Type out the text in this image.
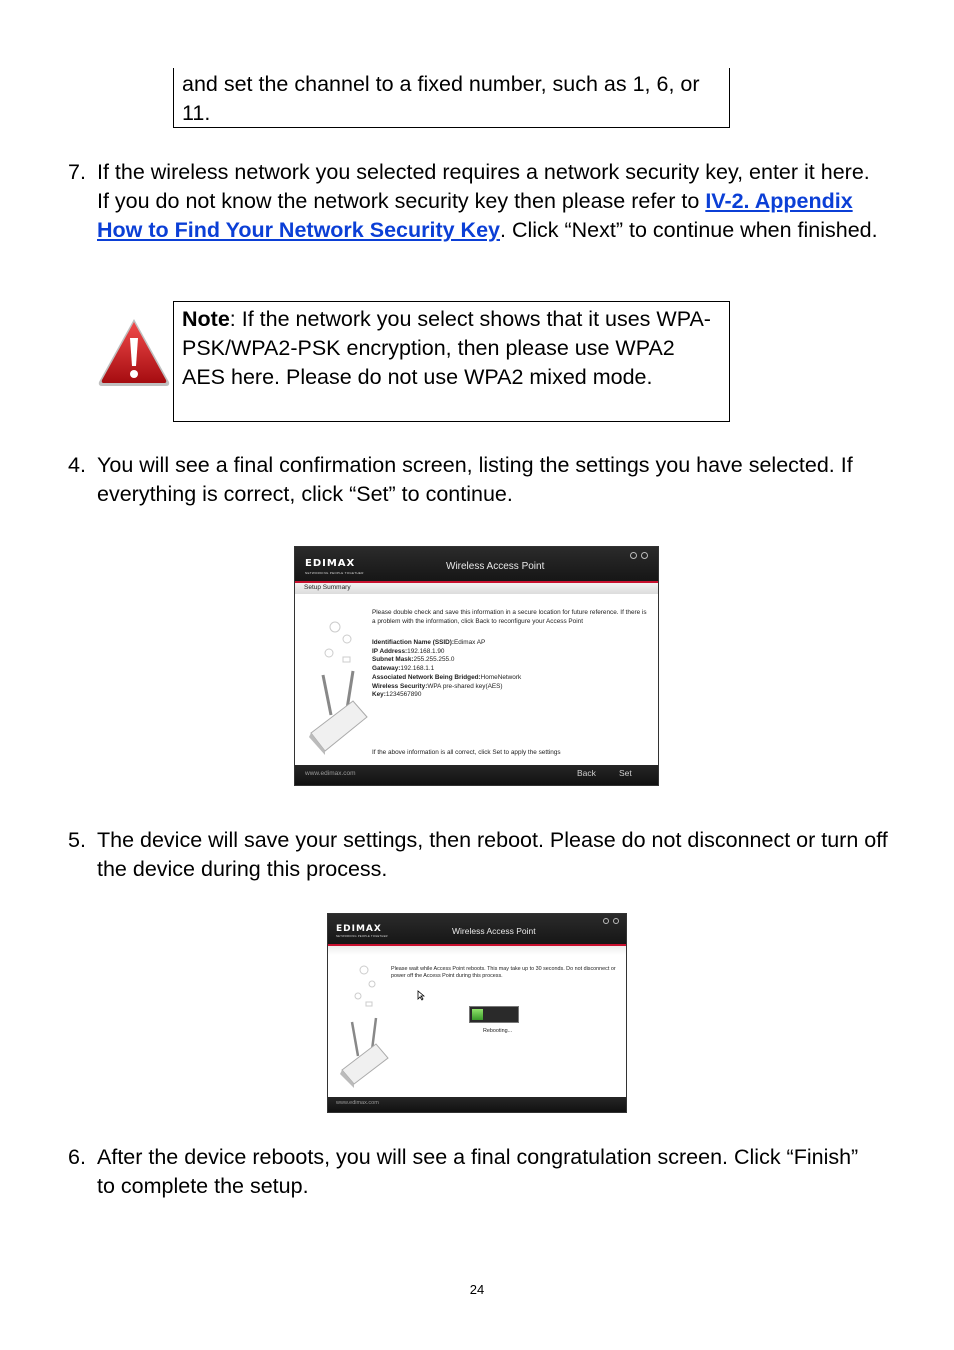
and set the channel to a fixed number, such as 1, 6, or 11.
7. If the wireless network you selected requires a network security key, enter it here. If you do not know the network security key then please refer to IV-2. Appendix How to Find Your Network Security Key. Click “Next” to continue when finished.
Note: If the network you select shows that it uses WPA-PSK/WPA2-PSK encryption, then please use WPA2 AES here. Please do not use WPA2 mixed mode.
4. You will see a final confirmation screen, listing the settings you have selected. If everything is correct, click “Set” to continue.
EDIMAX
NETWORKING PEOPLE TOGETHER
Wireless Access Point
Setup Summary
Please double check and save this information in a secure location for future reference. If there is a problem with the information, click Back to reconfigure your Access Point
Identifiaction Name (SSID):Edimax AP
IP Address:192.168.1.90
Subnet Mask:255.255.255.0
Gateway:192.168.1.1
Associated Network Being Bridged:HomeNetwork
Wireless Security:WPA pre-shared key(AES)
Key:1234567890
If the above information is all correct, click Set to apply the settings
www.edimax.com	Back	Set
5. The device will save your settings, then reboot. Please do not disconnect or turn off the device during this process.
EDIMAX
NETWORKING PEOPLE TOGETHER
Wireless Access Point
Please wait while Access Point reboots. This may take up to 30 seconds. Do not disconnect or power off the Access Point during this process.
Rebooting...
www.edimax.com
6. After the device reboots, you will see a final congratulation screen. Click “Finish” to complete the setup.
24
